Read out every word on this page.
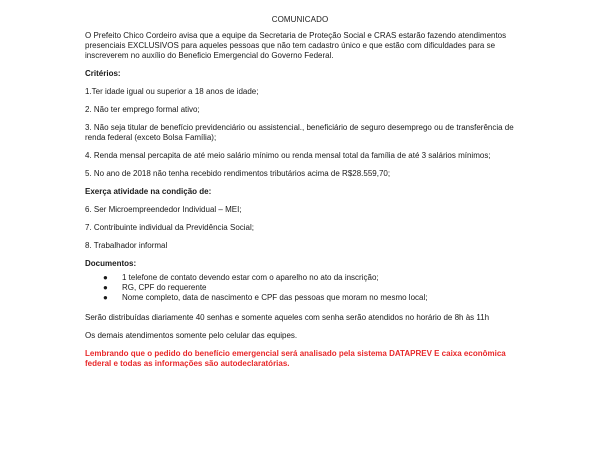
COMUNICADO

O Prefeito Chico Cordeiro avisa que a equipe da Secretaria de Proteção Social e CRAS estarão fazendo atendimentos presenciais EXCLUSIVOS para aqueles pessoas que não tem cadastro único e que estão com dificuldades para se inscreverem no auxílio do Beneficio Emergencial do Governo Federal.

Critérios:

1.Ter idade igual ou superior a 18 anos de idade;

2. Não ter emprego formal ativo;

3. Não seja titular de benefício previdenciário ou assistencial., beneficiário de seguro desemprego ou de transferência de renda federal (exceto Bolsa Família);

4. Renda mensal percapita de até meio salário mínimo ou renda mensal total da família de até 3 salários mínimos;

5. No ano de 2018 não tenha recebido rendimentos tributários acima de R$28.559,70;

Exerça atividade na condição de:

6. Ser Microempreendedor Individual – MEI;

7. Contribuinte individual da Previdência Social;

8. Trabalhador informal

Documentos:

● 1 telefone de contato devendo estar com o aparelho no ato da inscrição;
● RG, CPF do requerente
● Nome completo, data de nascimento e CPF das pessoas que moram no mesmo local;

Serão distribuídas diariamente 40 senhas e somente aqueles com senha serão atendidos no horário de 8h às 11h

Os demais atendimentos somente pelo celular das equipes.

Lembrando que o pedido do benefício emergencial será analisado pela sistema DATAPREV E caixa econômica federal e todas as informações são autodeclaratórias.
